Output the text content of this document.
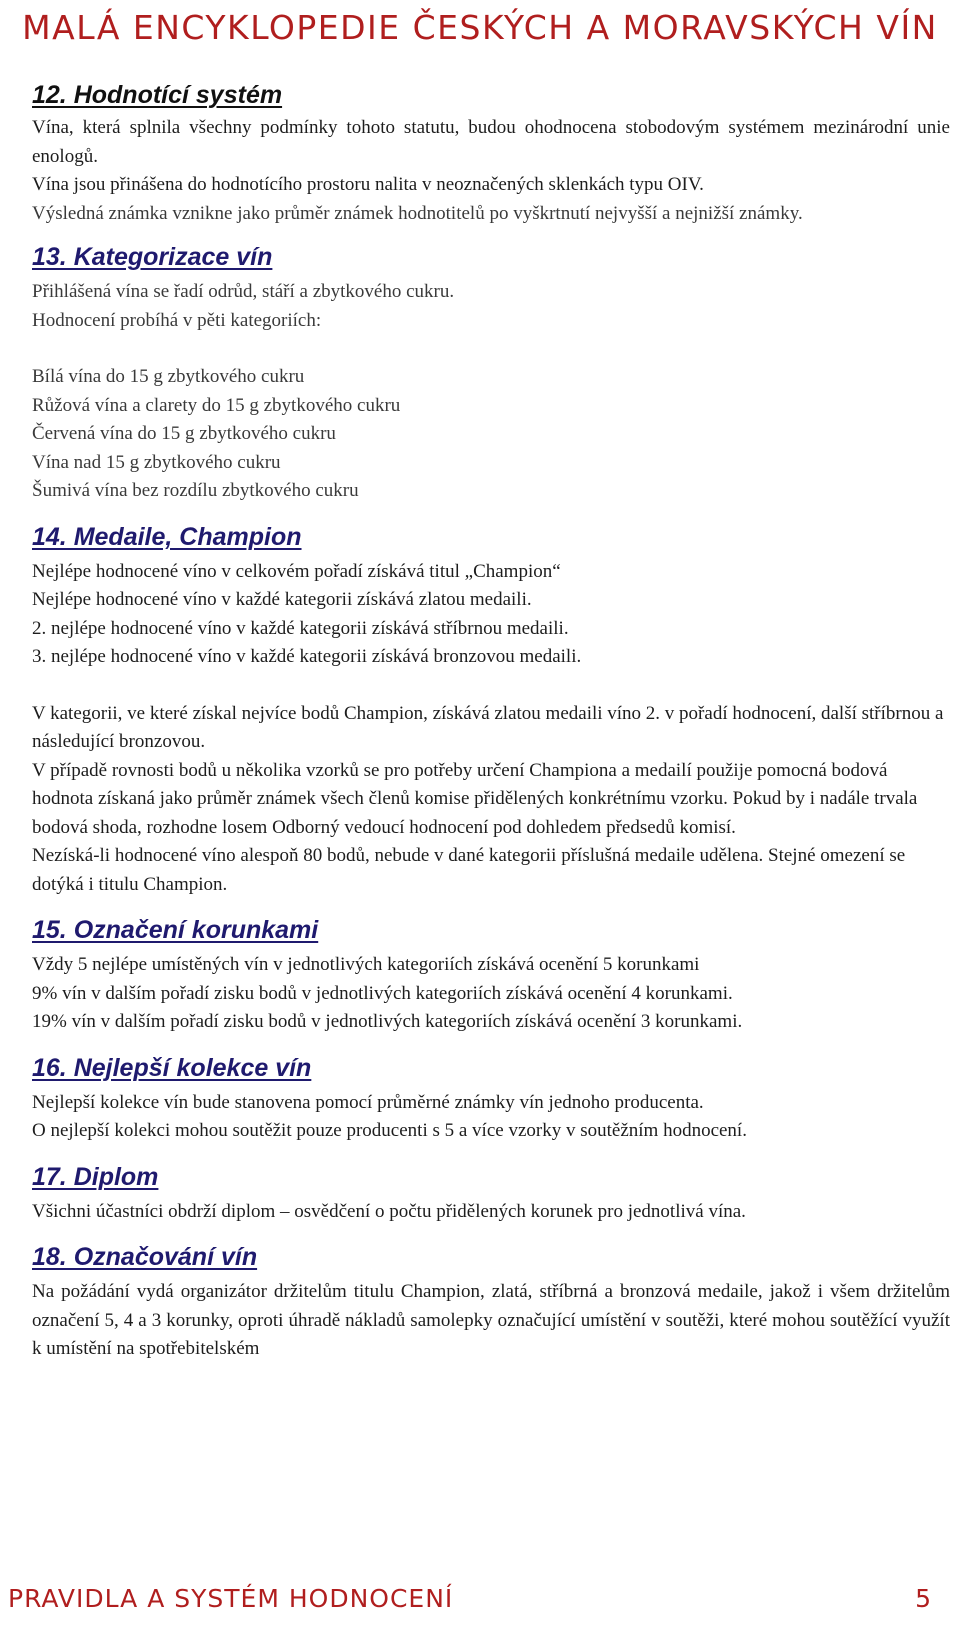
MALÁ ENCYKLOPEDIE ČESKÝCH A MORAVSKÝCH VÍN
12. Hodnotící systém

Vína, která splnila všechny podmínky tohoto statutu, budou ohodnocena stobodovým systémem mezinárodní unie enologů.

Vína jsou přinášena do hodnotícího prostoru nalita v neoznačených sklenkách typu OIV.

Výsledná známka vznikne jako průměr známek hodnotitelů po vyškrtnutí nejvyšší a nejnižší známky.

13. Kategorizace vín

Přihlášená vína se řadí odrůd, stáří a zbytkového cukru.

Hodnocení probíhá v pěti kategoriích:

Bílá vína do 15 g zbytkového cukru

Růžová vína a clarety do 15 g zbytkového cukru

Červená vína do 15 g zbytkového cukru

Vína nad 15 g zbytkového cukru

Šumivá vína bez rozdílu zbytkového cukru

14. Medaile, Champion

Nejlépe hodnocené víno v celkovém pořadí získává titul „Champion“

Nejlépe hodnocené víno v každé kategorii získává zlatou medaili.

2. nejlépe hodnocené víno v každé kategorii získává stříbrnou medaili.

3. nejlépe hodnocené víno v každé kategorii získává bronzovou medaili.

V kategorii, ve které získal nejvíce bodů Champion, získává zlatou medaili víno 2. v pořadí hodnocení, další stříbrnou a následující bronzovou.

V případě rovnosti bodů u několika vzorků se pro potřeby určení Championa a medailí použije pomocná bodová hodnota získaná jako průměr známek všech členů komise přidělených konkrétnímu vzorku. Pokud by i nadále trvala bodová shoda, rozhodne losem Odborný vedoucí hodnocení pod dohledem předsedů komisí.

Nezíská-li hodnocené víno alespoň 80 bodů, nebude v dané kategorii příslušná medaile udělena. Stejné omezení se dotýká i titulu Champion.

15. Označení korunkami

Vždy 5 nejlépe umístěných vín v jednotlivých kategoriích získává ocenění 5 korunkami

9% vín v dalším pořadí zisku bodů v jednotlivých kategoriích získává ocenění 4 korunkami.

19% vín v dalším pořadí zisku bodů v jednotlivých kategoriích získává ocenění 3 korunkami.

16. Nejlepší kolekce vín

Nejlepší kolekce vín bude stanovena pomocí průměrné známky vín jednoho producenta.

O nejlepší kolekci mohou soutěžit pouze producenti s 5 a více vzorky v soutěžním hodnocení.

17. Diplom

Všichni účastníci obdrží diplom – osvědčení o počtu přidělených korunek pro jednotlivá vína.

18. Označování vín

Na požádání vydá organizátor držitelům titulu Champion, zlatá, stříbrná a bronzová medaile, jakož i všem držitelům označení 5, 4 a 3 korunky, oproti úhradě nákladů samolepky označující umístění v soutěži, které mohou soutěžící využít k umístění na spotřebitelském

PRAVIDLA A SYSTÉM HODNOCENÍ	5
